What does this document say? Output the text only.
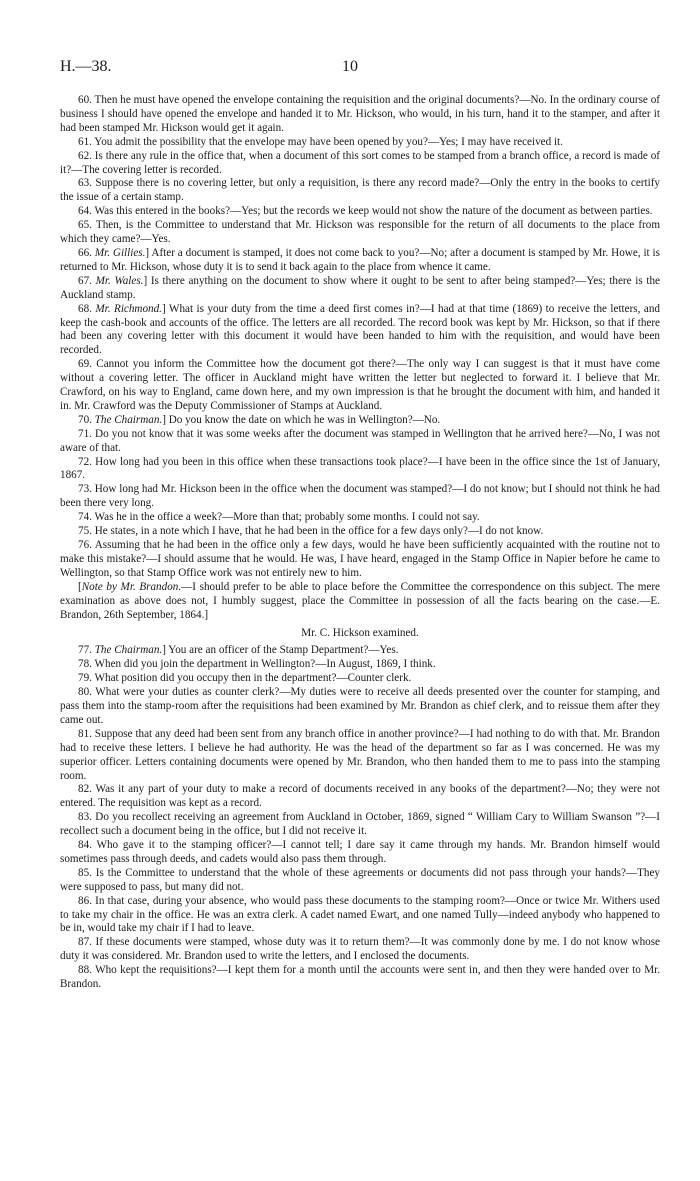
H.—38.	10

60. Then he must have opened the envelope containing the requisition and the original documents?—No. In the ordinary course of business I should have opened the envelope and handed it to Mr. Hickson, who would, in his turn, hand it to the stamper, and after it had been stamped Mr. Hickson would get it again.

61. You admit the possibility that the envelope may have been opened by you?—Yes; I may have received it.

62. Is there any rule in the office that, when a document of this sort comes to be stamped from a branch office, a record is made of it?—The covering letter is recorded.

63. Suppose there is no covering letter, but only a requisition, is there any record made?—Only the entry in the books to certify the issue of a certain stamp.

64. Was this entered in the books?—Yes; but the records we keep would not show the nature of the document as between parties.

65. Then, is the Committee to understand that Mr. Hickson was responsible for the return of all documents to the place from which they came?—Yes.

66. Mr. Gillies.] After a document is stamped, it does not come back to you?—No; after a document is stamped by Mr. Howe, it is returned to Mr. Hickson, whose duty it is to send it back again to the place from whence it came.

67. Mr. Wales.] Is there anything on the document to show where it ought to be sent to after being stamped?—Yes; there is the Auckland stamp.

68. Mr. Richmond.] What is your duty from the time a deed first comes in?—I had at that time (1869) to receive the letters, and keep the cash-book and accounts of the office. The letters are all recorded. The record book was kept by Mr. Hickson, so that if there had been any covering letter with this document it would have been handed to him with the requisition, and would have been recorded.

69. Cannot you inform the Committee how the document got there?—The only way I can suggest is that it must have come without a covering letter. The officer in Auckland might have written the letter but neglected to forward it. I believe that Mr. Crawford, on his way to England, came down here, and my own impression is that he brought the document with him, and handed it in. Mr. Crawford was the Deputy Commissioner of Stamps at Auckland.

70. The Chairman.] Do you know the date on which he was in Wellington?—No.

71. Do you not know that it was some weeks after the document was stamped in Wellington that he arrived here?—No, I was not aware of that.

72. How long had you been in this office when these transactions took place?—I have been in the office since the 1st of January, 1867.

73. How long had Mr. Hickson been in the office when the document was stamped?—I do not know; but I should not think he had been there very long.

74. Was he in the office a week?—More than that; probably some months. I could not say.

75. He states, in a note which I have, that he had been in the office for a few days only?—I do not know.

76. Assuming that he had been in the office only a few days, would he have been sufficiently acquainted with the routine not to make this mistake?—I should assume that he would. He was, I have heard, engaged in the Stamp Office in Napier before he came to Wellington, so that Stamp Office work was not entirely new to him.

[Note by Mr. Brandon.—I should prefer to be able to place before the Committee the correspondence on this subject. The mere examination as above does not, I humbly suggest, place the Committee in possession of all the facts bearing on the case.—E. Brandon, 26th September, 1864.]

Mr. C. Hickson examined.

77. The Chairman.] You are an officer of the Stamp Department?—Yes.

78. When did you join the department in Wellington?—In August, 1869, I think.

79. What position did you occupy then in the department?—Counter clerk.

80. What were your duties as counter clerk?—My duties were to receive all deeds presented over the counter for stamping, and pass them into the stamp-room after the requisitions had been examined by Mr. Brandon as chief clerk, and to reissue them after they came out.

81. Suppose that any deed had been sent from any branch office in another province?—I had nothing to do with that. Mr. Brandon had to receive these letters. I believe he had authority. He was the head of the department so far as I was concerned. He was my superior officer. Letters containing documents were opened by Mr. Brandon, who then handed them to me to pass into the stamping room.

82. Was it any part of your duty to make a record of documents received in any books of the department?—No; they were not entered. The requisition was kept as a record.

83. Do you recollect receiving an agreement from Auckland in October, 1869, signed “ William Cary to William Swanson ”?—I recollect such a document being in the office, but I did not receive it.

84. Who gave it to the stamping officer?—I cannot tell; I dare say it came through my hands. Mr. Brandon himself would sometimes pass through deeds, and cadets would also pass them through.

85. Is the Committee to understand that the whole of these agreements or documents did not pass through your hands?—They were supposed to pass, but many did not.

86. In that case, during your absence, who would pass these documents to the stamping room?—Once or twice Mr. Withers used to take my chair in the office. He was an extra clerk. A cadet named Ewart, and one named Tully—indeed anybody who happened to be in, would take my chair if I had to leave.

87. If these documents were stamped, whose duty was it to return them?—It was commonly done by me. I do not know whose duty it was considered. Mr. Brandon used to write the letters, and I enclosed the documents.

88. Who kept the requisitions?—I kept them for a month until the accounts were sent in, and then they were handed over to Mr. Brandon.
